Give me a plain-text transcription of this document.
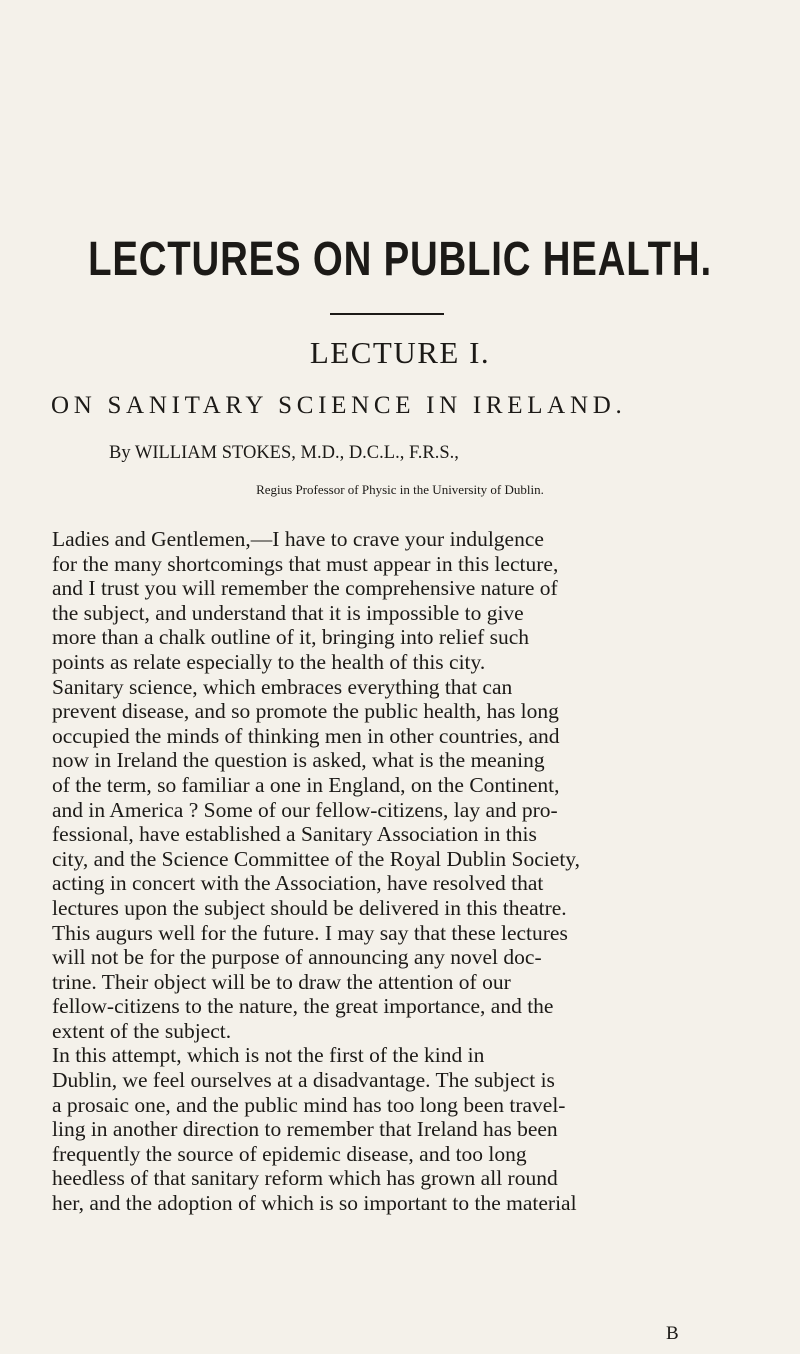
LECTURES ON PUBLIC HEALTH.
LECTURE I.
ON SANITARY SCIENCE IN IRELAND.
By WILLIAM STOKES, M.D., D.C.L., F.R.S.,
Regius Professor of Physic in the University of Dublin.
Ladies and Gentlemen,—I have to crave your indulgence
for the many shortcomings that must appear in this lecture,
and I trust you will remember the comprehensive nature of
the subject, and understand that it is impossible to give
more than a chalk outline of it, bringing into relief such
points as relate especially to the health of this city.
Sanitary science, which embraces everything that can
prevent disease, and so promote the public health, has long
occupied the minds of thinking men in other countries, and
now in Ireland the question is asked, what is the meaning
of the term, so familiar a one in England, on the Continent,
and in America ? Some of our fellow-citizens, lay and pro-
fessional, have established a Sanitary Association in this
city, and the Science Committee of the Royal Dublin Society,
acting in concert with the Association, have resolved that
lectures upon the subject should be delivered in this theatre.
This augurs well for the future. I may say that these lectures
will not be for the purpose of announcing any novel doc-
trine. Their object will be to draw the attention of our
fellow-citizens to the nature, the great importance, and the
extent of the subject.
In this attempt, which is not the first of the kind in
Dublin, we feel ourselves at a disadvantage. The subject is
a prosaic one, and the public mind has too long been travel-
ling in another direction to remember that Ireland has been
frequently the source of epidemic disease, and too long
heedless of that sanitary reform which has grown all round
her, and the adoption of which is so important to the material
B
